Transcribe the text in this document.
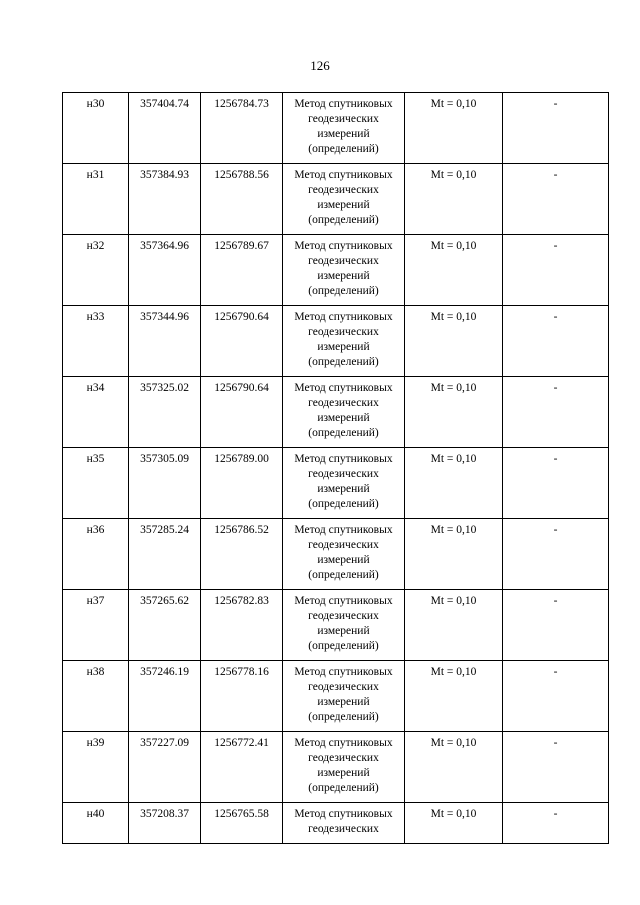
126
н30	357404.74	1256784.73	Метод спутниковых
геодезических
измерений
(определений)	Mt = 0,10	-
н31	357384.93	1256788.56	Метод спутниковых
геодезических
измерений
(определений)	Mt = 0,10	-
н32	357364.96	1256789.67	Метод спутниковых
геодезических
измерений
(определений)	Mt = 0,10	-
н33	357344.96	1256790.64	Метод спутниковых
геодезических
измерений
(определений)	Mt = 0,10	-
н34	357325.02	1256790.64	Метод спутниковых
геодезических
измерений
(определений)	Mt = 0,10	-
н35	357305.09	1256789.00	Метод спутниковых
геодезических
измерений
(определений)	Mt = 0,10	-
н36	357285.24	1256786.52	Метод спутниковых
геодезических
измерений
(определений)	Mt = 0,10	-
н37	357265.62	1256782.83	Метод спутниковых
геодезических
измерений
(определений)	Mt = 0,10	-
н38	357246.19	1256778.16	Метод спутниковых
геодезических
измерений
(определений)	Mt = 0,10	-
н39	357227.09	1256772.41	Метод спутниковых
геодезических
измерений
(определений)	Mt = 0,10	-
н40	357208.37	1256765.58	Метод спутниковых
геодезических	Mt = 0,10	-
